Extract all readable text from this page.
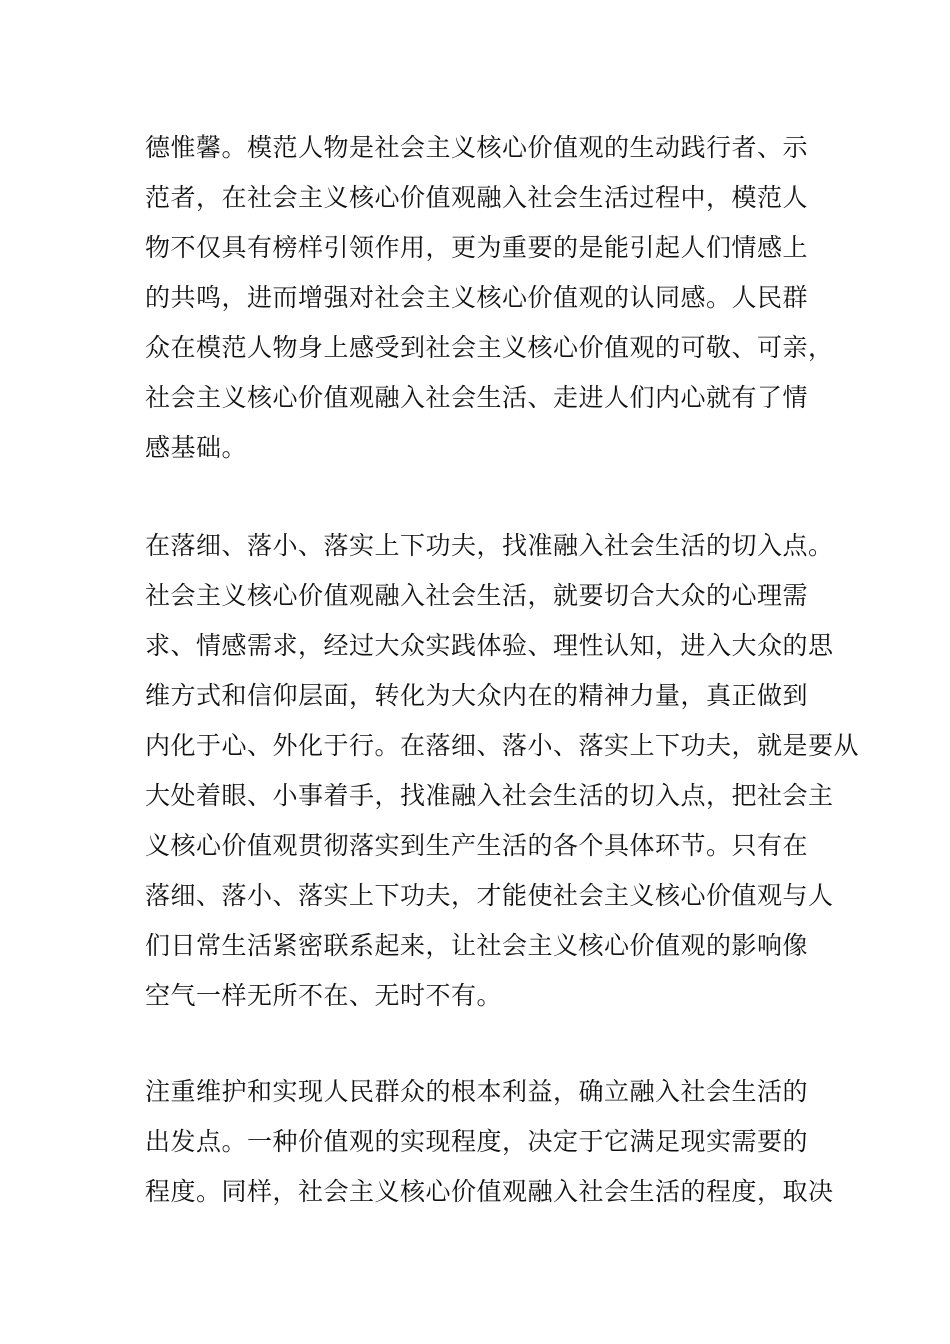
德惟馨。模范人物是社会主义核心价值观的生动践行者、示
范者，在社会主义核心价值观融入社会生活过程中，模范人
物不仅具有榜样引领作用，更为重要的是能引起人们情感上
的共鸣，进而增强对社会主义核心价值观的认同感。人民群
众在模范人物身上感受到社会主义核心价值观的可敬、可亲，
社会主义核心价值观融入社会生活、走进人们内心就有了情
感基础。
在落细、落小、落实上下功夫，找准融入社会生活的切入点。
社会主义核心价值观融入社会生活，就要切合大众的心理需
求、情感需求，经过大众实践体验、理性认知，进入大众的思
维方式和信仰层面，转化为大众内在的精神力量，真正做到
内化于心、外化于行。在落细、落小、落实上下功夫，就是要从
大处着眼、小事着手，找准融入社会生活的切入点，把社会主
义核心价值观贯彻落实到生产生活的各个具体环节。只有在
落细、落小、落实上下功夫，才能使社会主义核心价值观与人
们日常生活紧密联系起来，让社会主义核心价值观的影响像
空气一样无所不在、无时不有。
注重维护和实现人民群众的根本利益，确立融入社会生活的
出发点。一种价值观的实现程度，决定于它满足现实需要的
程度。同样，社会主义核心价值观融入社会生活的程度，取决
